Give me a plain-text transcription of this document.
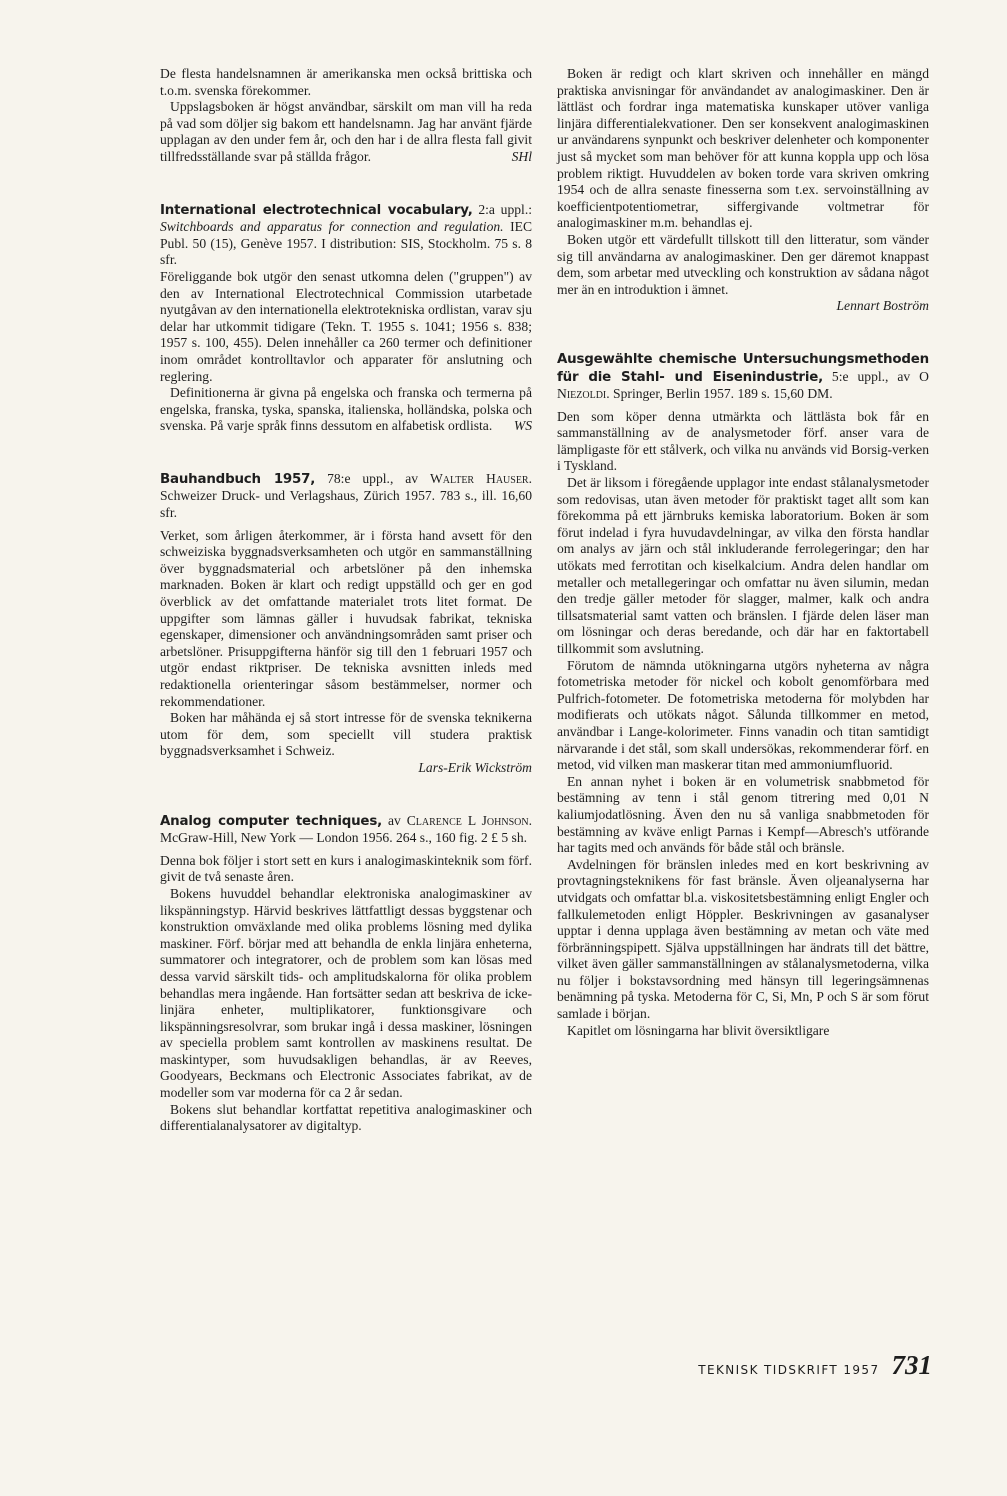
De flesta handelsnamnen är amerikanska men också brittiska och t.o.m. svenska förekommer.

Uppslagsboken är högst användbar, särskilt om man vill ha reda på vad som döljer sig bakom ett handelsnamn. Jag har använt fjärde upplagan av den under fem år, och den har i de allra flesta fall givit tillfredsställande svar på ställda frågor.	SHl

International electrotechnical vocabulary, 2:a uppl.: Switchboards and apparatus for connection and regulation. IEC Publ. 50 (15), Genève 1957. I distribution: SIS, Stockholm. 75 s. 8 sfr.

Föreliggande bok utgör den senast utkomna delen ("gruppen") av den av International Electrotechnical Commission utarbetade nyutgåvan av den internationella elektrotekniska ordlistan, varav sju delar har utkommit tidigare (Tekn. T. 1955 s. 1041; 1956 s. 838; 1957 s. 100, 455). Delen innehåller ca 260 termer och definitioner inom området kontrolltavlor och apparater för anslutning och reglering.

Definitionerna är givna på engelska och franska och termerna på engelska, franska, tyska, spanska, italienska, holländska, polska och svenska. På varje språk finns dessutom en alfabetisk ordlista.	WS

Bauhandbuch 1957, 78:e uppl., av Walter Hauser. Schweizer Druck- und Verlagshaus, Zürich 1957. 783 s., ill. 16,60 sfr.

Verket, som årligen återkommer, är i första hand avsett för den schweiziska byggnadsverksamheten och utgör en sammanställning över byggnadsmaterial och arbetslöner på den inhemska marknaden. Boken är klart och redigt uppställd och ger en god överblick av det omfattande materialet trots litet format. De uppgifter som lämnas gäller i huvudsak fabrikat, tekniska egenskaper, dimensioner och användningsområden samt priser och arbetslöner. Prisuppgifterna hänför sig till den 1 februari 1957 och utgör endast riktpriser. De tekniska avsnitten inleds med redaktionella orienteringar såsom bestämmelser, normer och rekommendationer.

Boken har måhända ej så stort intresse för de svenska teknikerna utom för dem, som speciellt vill studera praktisk byggnadsverksamhet i Schweiz.

Lars-Erik Wickström

Analog computer techniques, av Clarence L Johnson. McGraw-Hill, New York — London 1956. 264 s., 160 fig. 2 £ 5 sh.

Denna bok följer i stort sett en kurs i analogimaskinteknik som förf. givit de två senaste åren.

Bokens huvuddel behandlar elektroniska analogimaskiner av likspänningstyp. Härvid beskrives lättfattligt dessas byggstenar och konstruktion omväxlande med olika problems lösning med dylika maskiner. Förf. börjar med att behandla de enkla linjära enheterna, summatorer och integratorer, och de problem som kan lösas med dessa varvid särskilt tids- och amplitudskalorna för olika problem behandlas mera ingående. Han fortsätter sedan att beskriva de icke-linjära enheter, multiplikatorer, funktionsgivare och likspänningsresolvrar, som brukar ingå i dessa maskiner, lösningen av speciella problem samt kontrollen av maskinens resultat. De maskintyper, som huvudsakligen behandlas, är av Reeves, Goodyears, Beckmans och Electronic Associates fabrikat, av de modeller som var moderna för ca 2 år sedan.

Bokens slut behandlar kortfattat repetitiva analogimaskiner och differentialanalysatorer av digitaltyp.

Boken är redigt och klart skriven och innehåller en mängd praktiska anvisningar för användandet av analogimaskiner. Den är lättläst och fordrar inga matematiska kunskaper utöver vanliga linjära differentialekvationer. Den ser konsekvent analogimaskinen ur användarens synpunkt och beskriver delenheter och komponenter just så mycket som man behöver för att kunna koppla upp och lösa problem riktigt. Huvuddelen av boken torde vara skriven omkring 1954 och de allra senaste finesserna som t.ex. servoinställning av koefficientpotentiometrar, siffergivande voltmetrar för analogimaskiner m.m. behandlas ej.

Boken utgör ett värdefullt tillskott till den litteratur, som vänder sig till användarna av analogimaskiner. Den ger däremot knappast dem, som arbetar med utveckling och konstruktion av sådana något mer än en introduktion i ämnet.

Lennart Boström

Ausgewählte chemische Untersuchungsmethoden für die Stahl- und Eisenindustrie, 5:e uppl., av O Niezoldi. Springer, Berlin 1957. 189 s. 15,60 DM.

Den som köper denna utmärkta och lättlästa bok får en sammanställning av de analysmetoder förf. anser vara de lämpligaste för ett stålverk, och vilka nu används vid Borsig-verken i Tyskland.

Det är liksom i föregående upplagor inte endast stålanalysmetoder som redovisas, utan även metoder för praktiskt taget allt som kan förekomma på ett järnbruks kemiska laboratorium. Boken är som förut indelad i fyra huvudavdelningar, av vilka den första handlar om analys av järn och stål inkluderande ferrolegeringar; den har utökats med ferrotitan och kiselkalcium. Andra delen handlar om metaller och metallegeringar och omfattar nu även silumin, medan den tredje gäller metoder för slagger, malmer, kalk och andra tillsatsmaterial samt vatten och bränslen. I fjärde delen läser man om lösningar och deras beredande, och där har en faktortabell tillkommit som avslutning.

Förutom de nämnda utökningarna utgörs nyheterna av några fotometriska metoder för nickel och kobolt genomförbara med Pulfrich-fotometer. De fotometriska metoderna för molybden har modifierats och utökats något. Sålunda tillkommer en metod, användbar i Lange-kolorimeter. Finns vanadin och titan samtidigt närvarande i det stål, som skall undersökas, rekommenderar förf. en metod, vid vilken man maskerar titan med ammoniumfluorid.

En annan nyhet i boken är en volumetrisk snabbmetod för bestämning av tenn i stål genom titrering med 0,01 N kaliumjodatlösning. Även den nu så vanliga snabbmetoden för bestämning av kväve enligt Parnas i Kempf—Abresch's utförande har tagits med och används för både stål och bränsle.

Avdelningen för bränslen inledes med en kort beskrivning av provtagningsteknikens för fast bränsle. Även oljeanalyserna har utvidgats och omfattar bl.a. viskositetsbestämning enligt Engler och fallkulemetoden enligt Höppler. Beskrivningen av gasanalyser upptar i denna upplaga även bestämning av metan och väte med förbränningspipett. Själva uppställningen har ändrats till det bättre, vilket även gäller sammanställningen av stålanalysmetoderna, vilka nu följer i bokstavsordning med hänsyn till legeringsämnenas benämning på tyska. Metoderna för C, Si, Mn, P och S är som förut samlade i början.

Kapitlet om lösningarna har blivit översiktligare

TEKNISK TIDSKRIFT 1957 731
